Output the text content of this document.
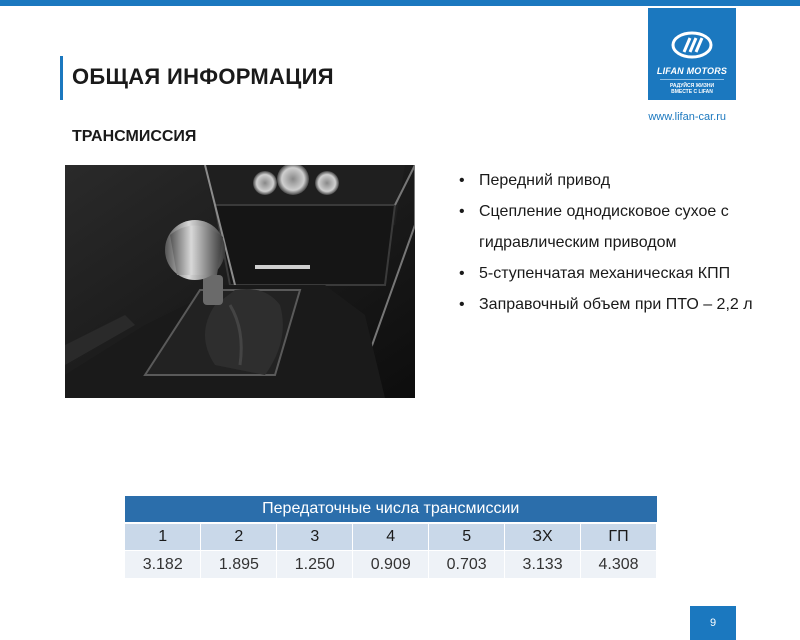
ОБЩАЯ ИНФОРМАЦИЯ	LIFAN MOTORS
РАДУЙСЯ ЖИЗНИ
ВМЕСТЕ С LIFAN
www.lifan-car.ru
ТРАНСМИССИЯ
• Передний привод
• Сцепление однодисковое сухое с гидравлическим приводом
• 5-ступенчатая механическая КПП
• Заправочный объем при ПТО – 2,2 л
Передаточные числа трансмиссии						
1	2	3	4	5	ЗХ	ГП
3.182	1.895	1.250	0.909	0.703	3.133	4.308
9
